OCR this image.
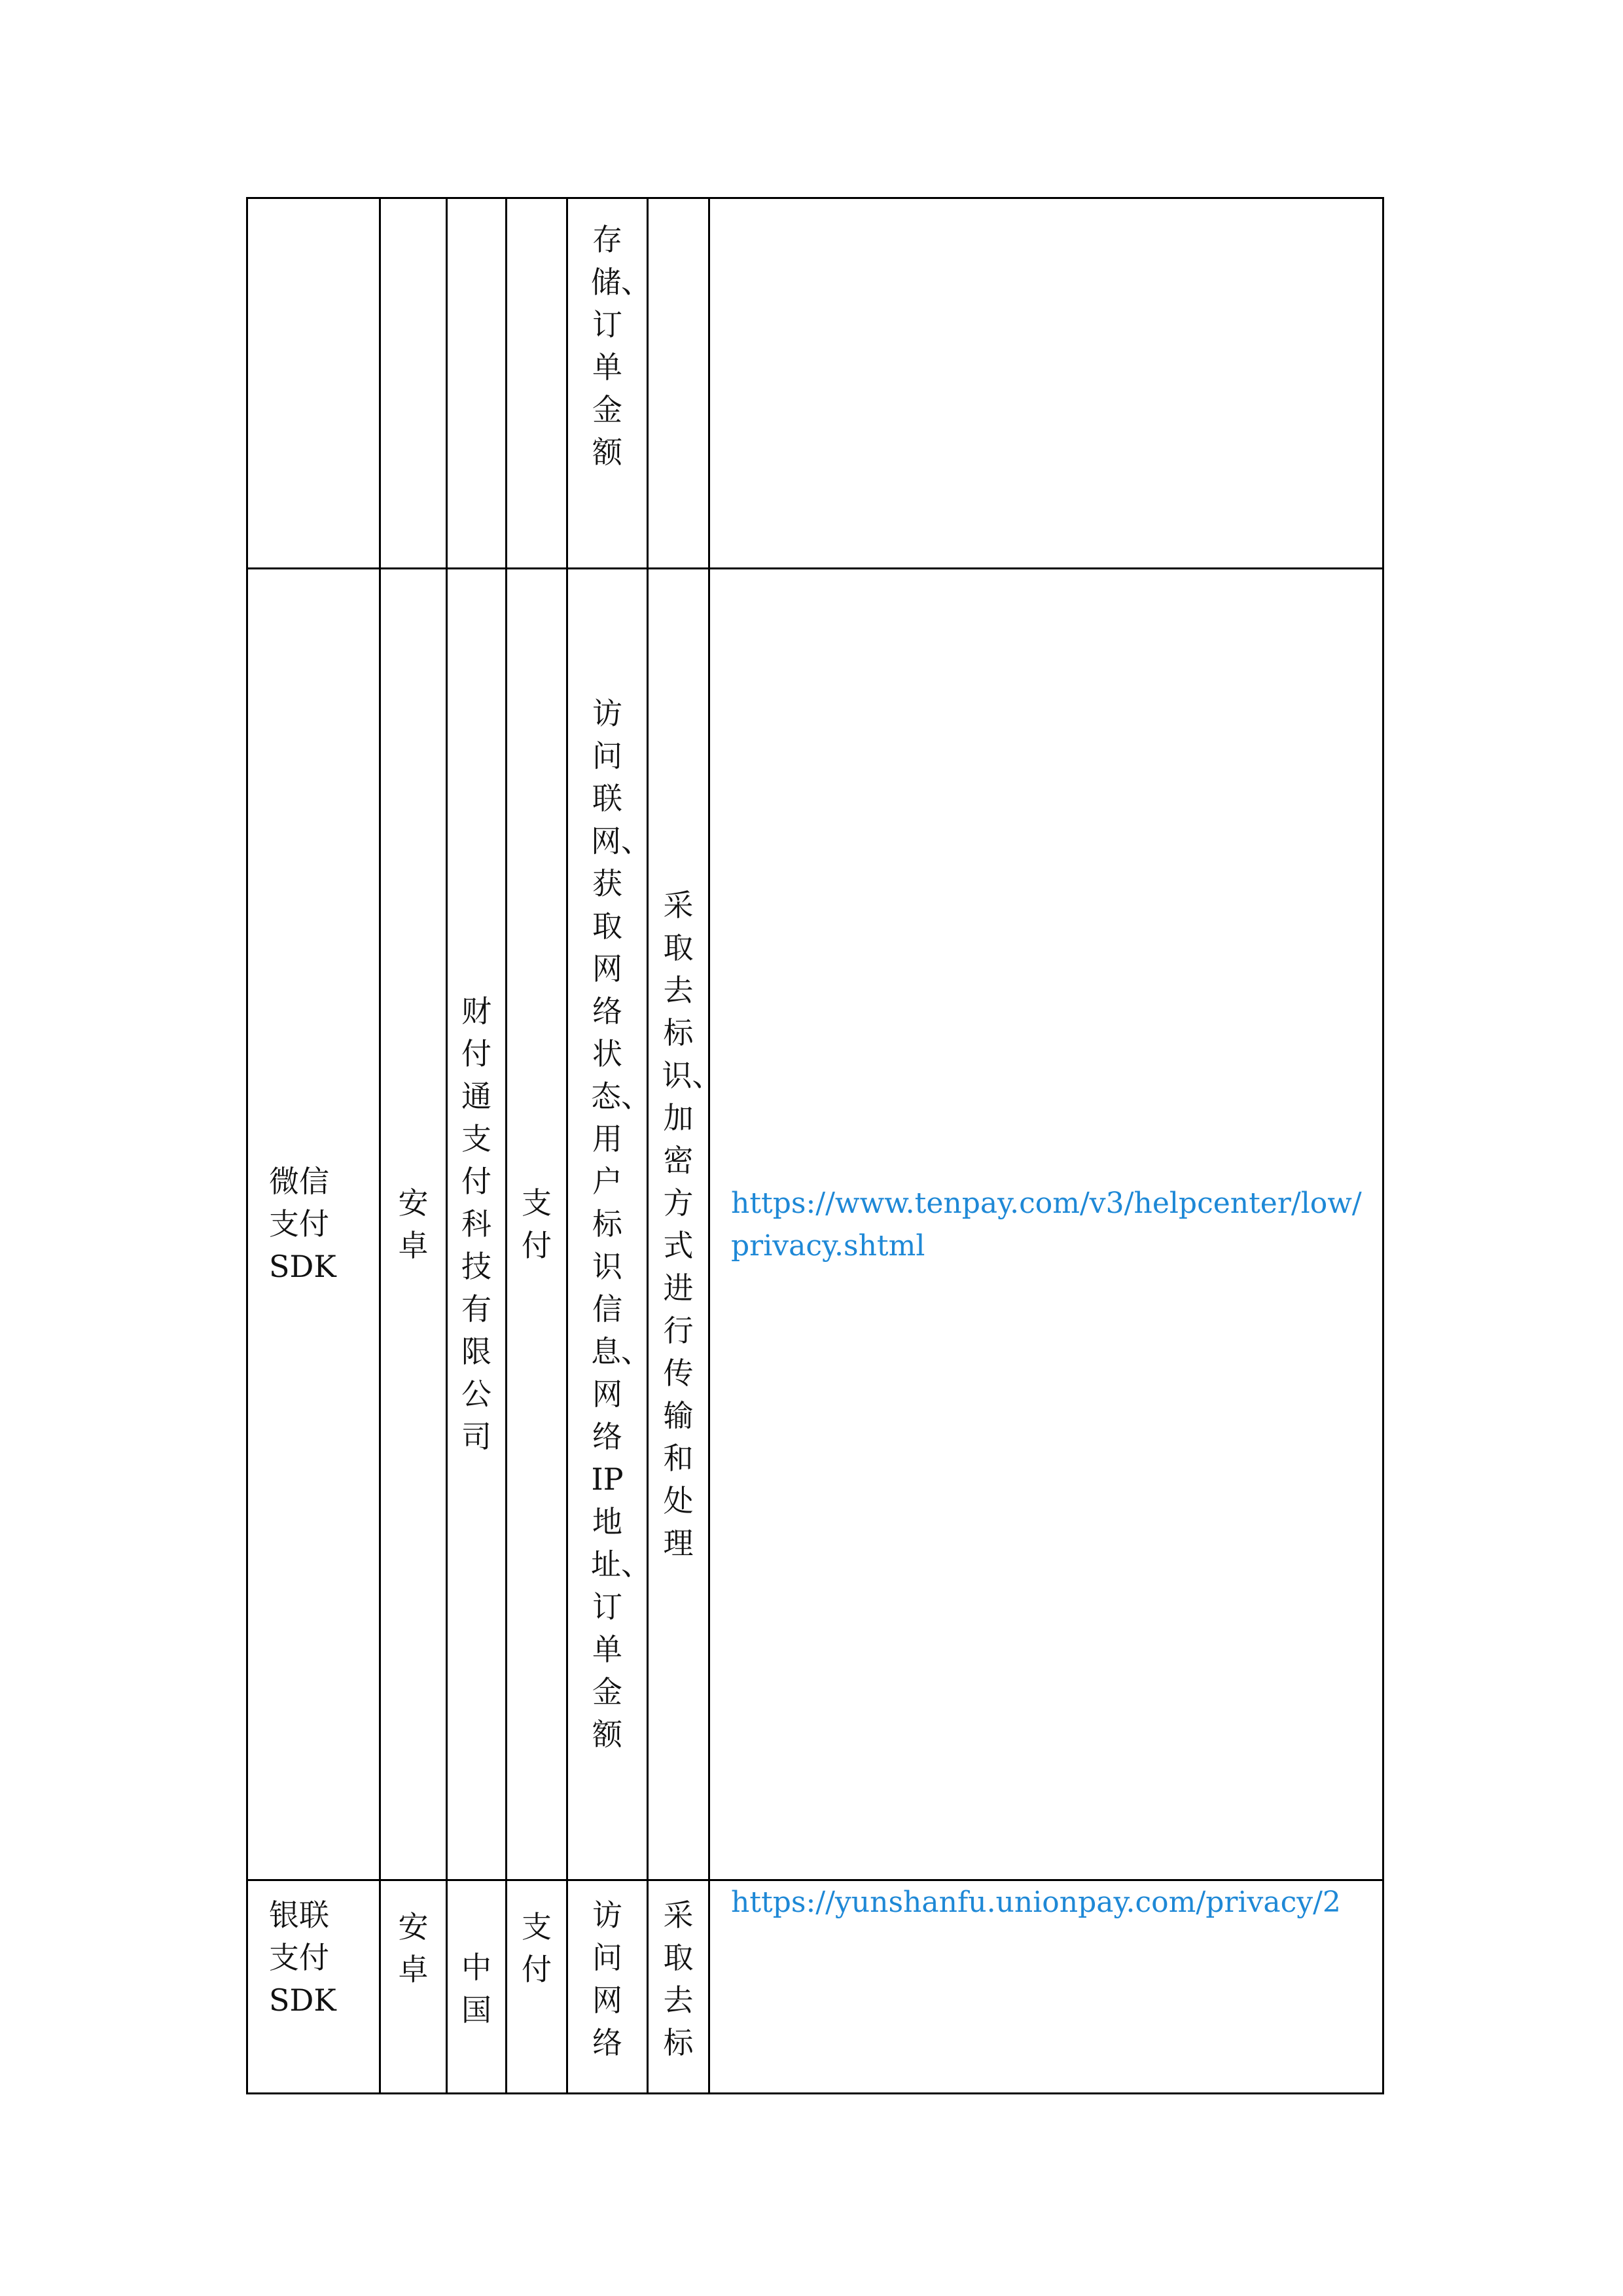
				存储、订单金额		

微信支付SDK	安卓	财付通支付科技有限公司	支付	访问联网、获取网络状态、用户标识信息、网络IP地址、订单金额	采取去标识、加密方式进行传输和处理	https://www.tenpay.com/v3/helpcenter/low/privacy.shtml

银联支付SDK	安卓	中国	支付	访问网络	采取去标	https://yunshanfu.unionpay.com/privacy/2
